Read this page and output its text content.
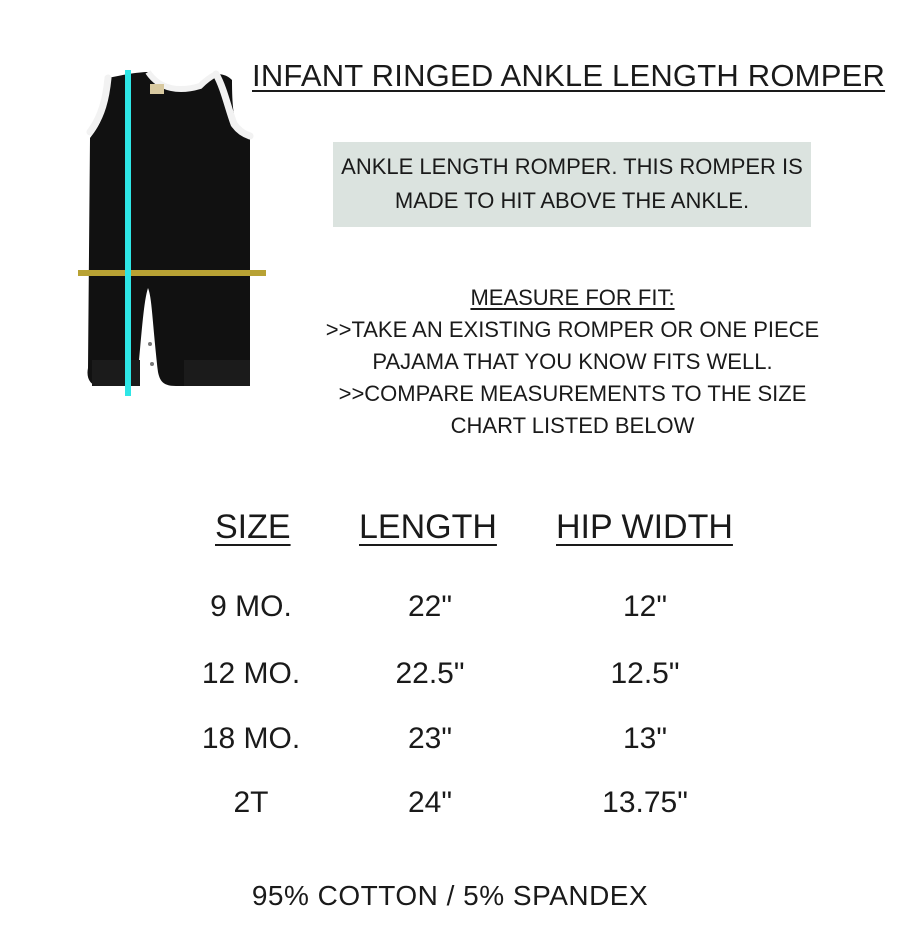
INFANT RINGED ANKLE LENGTH ROMPER
ANKLE LENGTH ROMPER. THIS ROMPER IS
MADE TO HIT ABOVE THE ANKLE.
MEASURE FOR FIT:
>>TAKE AN EXISTING ROMPER OR ONE PIECE
PAJAMA THAT YOU KNOW FITS WELL.
>>COMPARE MEASUREMENTS TO THE SIZE
CHART LISTED BELOW
SIZE LENGTH HIP WIDTH
9 MO.	22"	12"
12 MO.	22.5"	12.5"
18 MO.	23"	13"
2T	24"	13.75"
95% COTTON / 5% SPANDEX
